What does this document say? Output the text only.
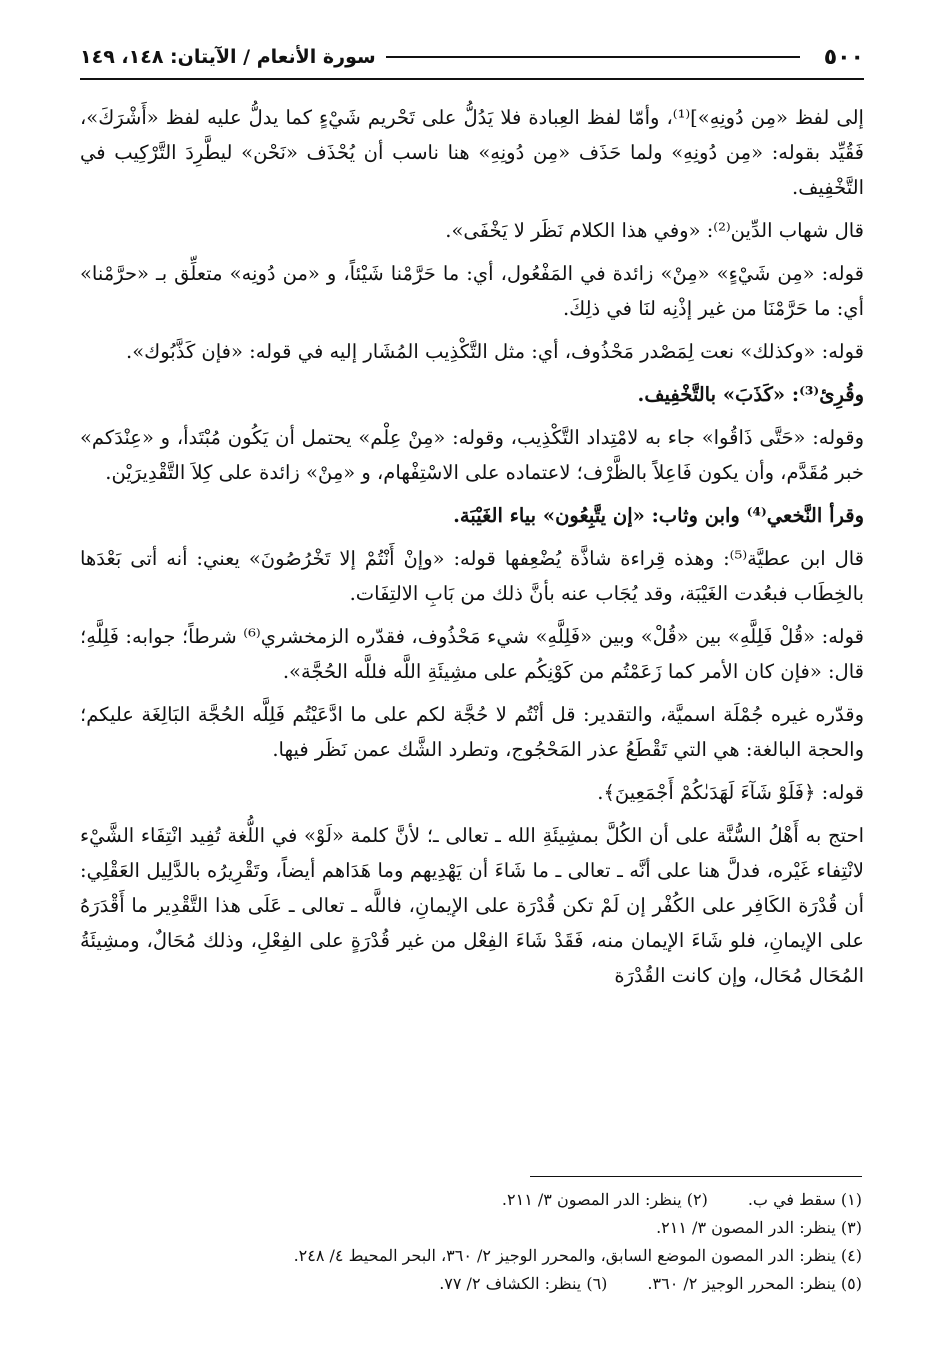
٥٠٠
سورة الأنعام / الآيتان: ١٤٨، ١٤٩

إلى لفظ «مِن دُونِهِ»]⁽¹⁾، وأمّا لفظ العِبادة فلا يَدُلُّ على تَحْريم شَيْءٍ كما يدلُّ عليه لفظ «أَشْرَكَ»، فَقُيِّد بقوله: «مِن دُونِهِ» ولما حَذَف «مِن دُونِهِ» هنا ناسب أن يُحْذَف «نَحْن» ليطَّرِدَ التَّرْكِيب في التَّخْفِيف.

قال شهاب الدِّين⁽²⁾: «وفي هذا الكلام نَظَر لا يَخْفَى».

قوله: «مِن شَيْءٍ» «مِنْ» زائدة في المَفْعُول، أي: ما حَرَّمْنا شَيْئاً، و «من دُونِه» متعلِّق بـ «حرَّمْنا» أي: ما حَرَّمْنَا من غير إذْنِه لنَا في ذلِكَ.

قوله: «وكذلك» نعت لِمَصْدر مَحْذُوف، أي: مثل التَّكْذِيب المُشَار إليه في قوله: «فإن كَذَّبُوك».

وقُرِئ⁽³⁾: «كَذَبَ» بالتَّخْفِيف.

وقوله: «حَتَّى ذَاقُوا» جاء به لامْتِداد التَّكْذِيب، وقوله: «مِنْ عِلْم» يحتمل أن يَكُون مُبْتَدأ، و «عِنْدَكم» خبر مُقَدَّم، وأن يكون فَاعِلاً بالظَّرْف؛ لاعتماده على الاسْتِفْهام، و «مِنْ» زائدة على كِلاَ التَّقْدِيرَيْن.

وقرأ النَّخعي⁽⁴⁾ وابن وثاب: «إن يتَّبِعُون» بياء الغَيْبَة.

قال ابن عطيَّة⁽⁵⁾: وهذه قِراءة شاذَّة يُضْعِفها قوله: «وإنْ أَنْتُمْ إلا تَخْرُصُونَ» يعني: أنه أتى بَعْدَها بالخِطَاب فبعُدت الغَيْبَة، وقد يُجَاب عنه بأنَّ ذلك من بَابِ الالتِفَات.

قوله: «قُلْ فَلِلَّهِ» بين «قُلْ» وبين «فَلِلَّهِ» شيء مَحْذُوف، فقدّره الزمخشري⁽⁶⁾ شرطاً؛ جوابه: فَلِلَّهِ؛ قال: «فإن كان الأمر كما زَعَمْتُم من كَوْنِكُم على مشِيئَةِ اللَّه فللَّه الحُجَّة».

وقدّره غيره جُمْلَة اسميَّة، والتقدير: قل أنْتُم لا حُجَّة لكم على ما ادَّعَيْتُم فَلِلَّه الحُجَّة البَالِغَة عليكم؛ والحجة البالغة: هي التي تَقْطَعُ عذر المَحْجُوج، وتطرد الشَّك عمن نَظَر فيها.

قوله: ﴿فَلَوْ شَآءَ لَهَدَىٰكُمْ أَجْمَعِينَ﴾.

احتج به أَهْلُ السُّنَّة على أن الكُلَّ بمشِيئَةِ الله ـ تعالى ـ؛ لأنَّ كلمة «لَوْ» في اللُّغة تُفِيد انْتِفَاء الشَّيْء لانْتِفاء غَيْره، فدلَّ هنا على أنَّه ـ تعالى ـ ما شَاءَ أن يَهْدِيهم وما هَدَاهم أيضاً، وتَقْرِيرُه بالدَّلِيل العَقْلِي: أن قُدْرَة الكَافِر على الكُفْر إن لَمْ تكن قُدْرَة على الإيمانِ، فاللَّه ـ تعالى ـ عَلَى هذا التَّقْدِير ما أَقْدَرَهُ على الإيمانِ، فلو شَاءَ الإيمان منه، فَقَدْ شَاءَ الفِعْل من غير قُدْرَةٍ على الفِعْلِ، وذلك مُحَالٌ، ومشِيئَةُ المُحَال مُحَال، وإن كانت القُدْرَة

(١) سقط في ب.
(٢) ينظر: الدر المصون ٣/ ٢١١.
(٣) ينظر: الدر المصون ٣/ ٢١١.
(٤) ينظر: الدر المصون الموضع السابق، والمحرر الوجيز ٢/ ٣٦٠، البحر المحيط ٤/ ٢٤٨.
(٥) ينظر: المحرر الوجيز ٢/ ٣٦٠.
(٦) ينظر: الكشاف ٢/ ٧٧.
